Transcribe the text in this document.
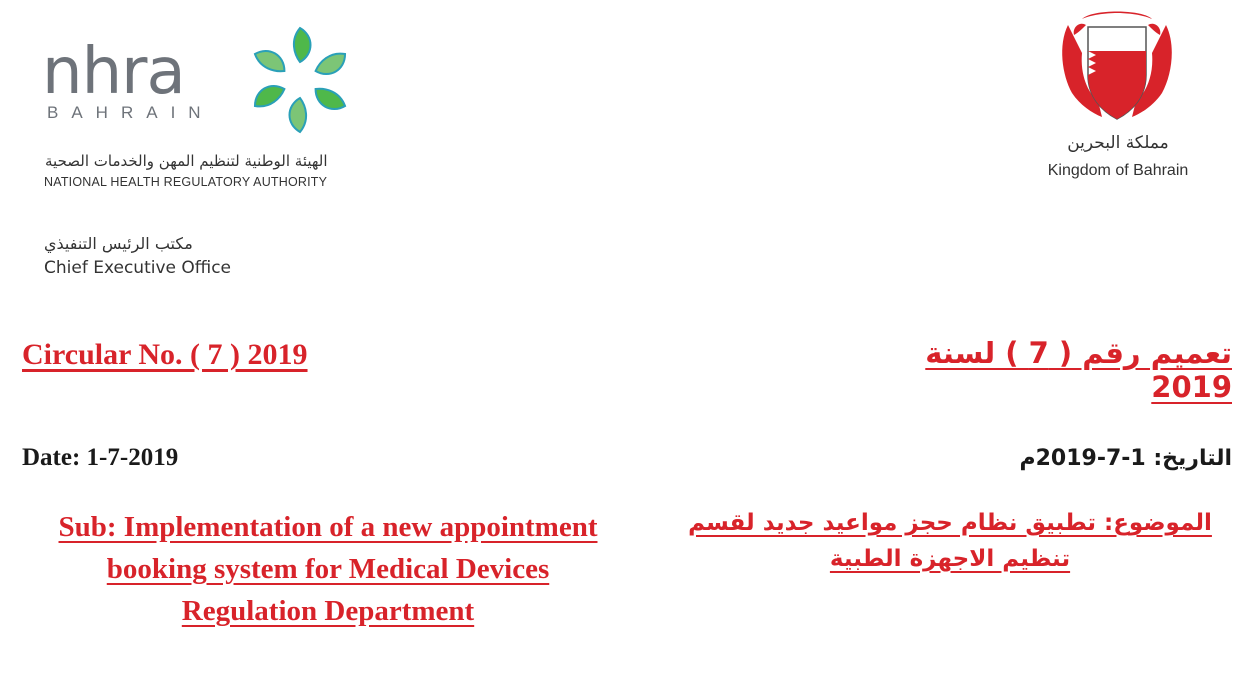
nhra
BAHRAIN
الهيئة الوطنية لتنظيم المهن والخدمات الصحية
NATIONAL HEALTH REGULATORY AUTHORITY
مكتب الرئيس التنفيذي
Chief Executive Office
مملكة البحرين
Kingdom of Bahrain
Circular No. ( 7 ) 2019	تعميم رقم ( 7 ) لسنة 2019
Date: 1-7-2019	التاريخ: 1-7-2019م
Sub: Implementation of a new appointment booking system for Medical Devices Regulation Department
الموضوع: تطبيق نظام حجز مواعيد جديد لقسم تنظيم الاجهزة الطبية
